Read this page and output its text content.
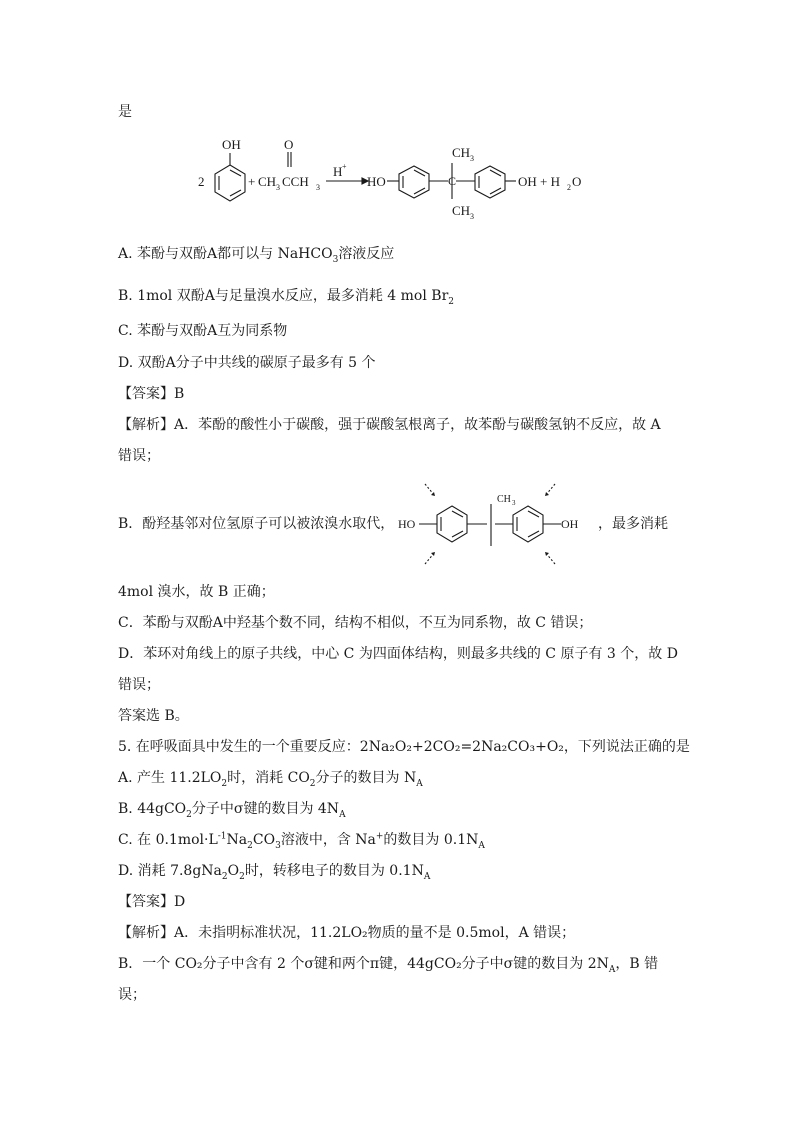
是
2
OH
+ CH 3 CCH 3
O
H +
HO	C
CH 3
CH 3
OH + H 2 O
A. 苯酚与双酚A都可以与 NaHCO$_3$溶液反应
B. 1mol 双酚A与足量溴水反应，最多消耗 4 mol $Br_2$
C. 苯酚与双酚A互为同系物
D. 双酚A分子中共线的碳原子最多有 5 个
【答案】B
【解析】A．苯酚的酸性小于碳酸，强于碳酸氢根离子，故苯酚与碳酸氢钠不反应，故 A
错误；
B．酚羟基邻对位氢原子可以被浓溴水取代， HO	OH
CH 3
，最多消耗
4mol 溴水，故 B 正确；
C．苯酚与双酚A中羟基个数不同，结构不相似，不互为同系物，故 C 错误；
D．苯环对角线上的原子共线，中心 C 为四面体结构，则最多共线的 C 原子有 3 个，故 D
错误；
答案选 B。
5. 在呼吸面具中发生的一个重要反应：2Na₂O₂+2CO₂=2Na₂CO₃+O₂，下列说法正确的是
A. 产生 $11.2LO_2$时，消耗 $CO_2$分子的数目为 $N_A$
B. 44gCO$_2$分子中σ键的数目为 $4N_A$
C. 在 $0.1mol\cdot L^{-1}Na_2CO_3$溶液中，含 Na+的数目为 $0.1N_A$
D. 消耗 $7.8gNa_2O_2$时，转移电子的数目为 $0.1N_A$
【答案】D
【解析】A．未指明标准状况，11.2LO₂物质的量不是 0.5mol，A 错误；
B．一个 CO₂分子中含有 2 个σ键和两个π键，44gCO₂分子中σ键的数目为 $2N_A$，B 错
误；
